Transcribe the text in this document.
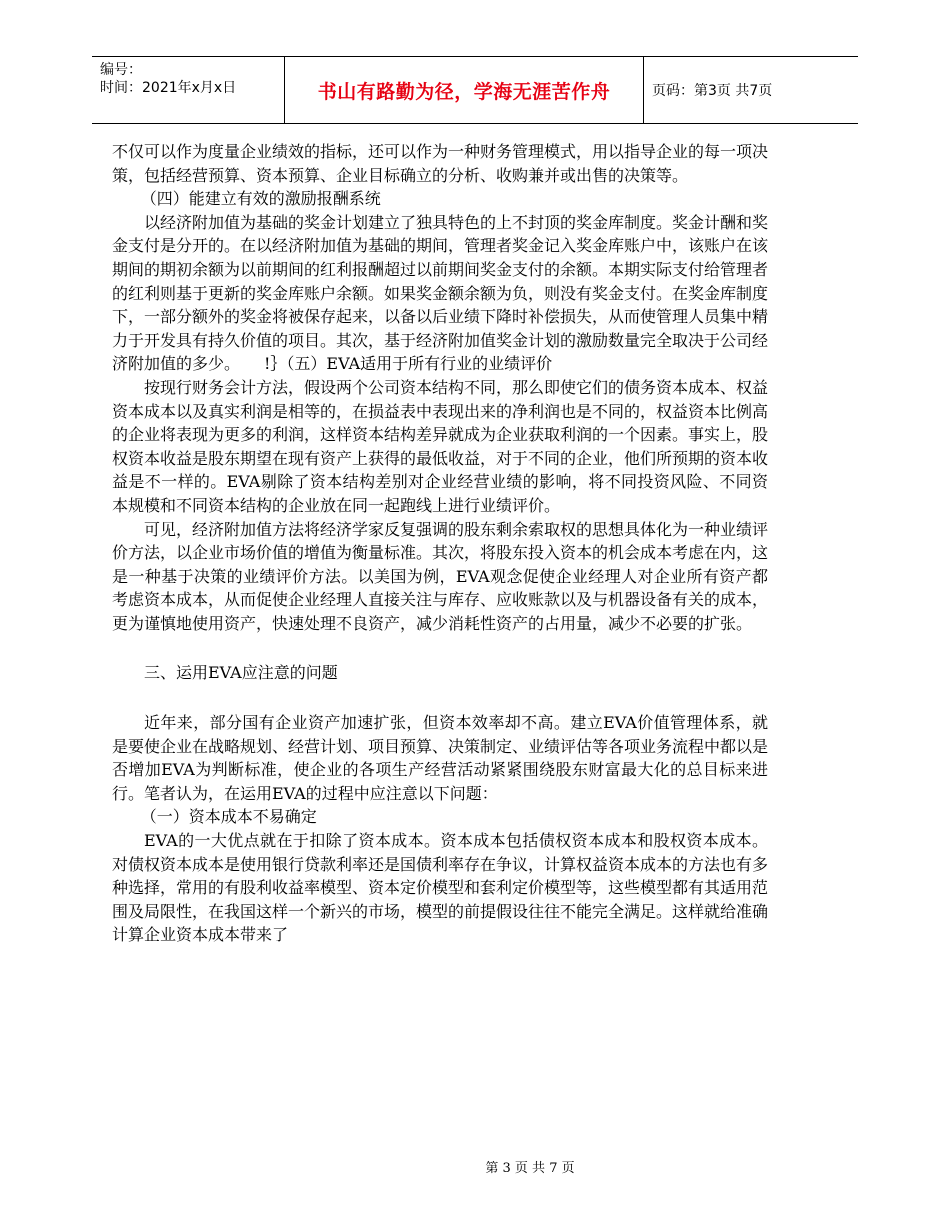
编号：
时间：2021年x月x日	书山有路勤为径，学海无涯苦作舟	页码：第3页 共7页

不仅可以作为度量企业绩效的指标，还可以作为一种财务管理模式，用以指导企业的每一项决策，包括经营预算、资本预算、企业目标确立的分析、收购兼并或出售的决策等。

（四）能建立有效的激励报酬系统

以经济附加值为基础的奖金计划建立了独具特色的上不封顶的奖金库制度。奖金计酬和奖金支付是分开的。在以经济附加值为基础的期间，管理者奖金记入奖金库账户中，该账户在该期间的期初余额为以前期间的红利报酬超过以前期间奖金支付的余额。本期实际支付给管理者的红利则基于更新的奖金库账户余额。如果奖金额余额为负，则没有奖金支付。在奖金库制度下，一部分额外的奖金将被保存起来，以备以后业绩下降时补偿损失，从而使管理人员集中精力于开发具有持久价值的项目。其次，基于经济附加值奖金计划的激励数量完全取决于公司经济附加值的多少。　　!｝（五）EVA适用于所有行业的业绩评价

按现行财务会计方法，假设两个公司资本结构不同，那么即使它们的债务资本成本、权益资本成本以及真实利润是相等的，在损益表中表现出来的净利润也是不同的，权益资本比例高的企业将表现为更多的利润，这样资本结构差异就成为企业获取利润的一个因素。事实上，股权资本收益是股东期望在现有资产上获得的最低收益，对于不同的企业，他们所预期的资本收益是不一样的。EVA剔除了资本结构差别对企业经营业绩的影响，将不同投资风险、不同资本规模和不同资本结构的企业放在同一起跑线上进行业绩评价。

可见，经济附加值方法将经济学家反复强调的股东剩余索取权的思想具体化为一种业绩评价方法，以企业市场价值的增值为衡量标准。其次，将股东投入资本的机会成本考虑在内，这是一种基于决策的业绩评价方法。以美国为例，EVA观念促使企业经理人对企业所有资产都考虑资本成本，从而促使企业经理人直接关注与库存、应收账款以及与机器设备有关的成本，更为谨慎地使用资产，快速处理不良资产，减少消耗性资产的占用量，减少不必要的扩张。

三、运用EVA应注意的问题

近年来，部分国有企业资产加速扩张，但资本效率却不高。建立EVA价值管理体系，就是要使企业在战略规划、经营计划、项目预算、决策制定、业绩评估等各项业务流程中都以是否增加EVA为判断标准，使企业的各项生产经营活动紧紧围绕股东财富最大化的总目标来进行。笔者认为，在运用EVA的过程中应注意以下问题：

（一）资本成本不易确定

EVA的一大优点就在于扣除了资本成本。资本成本包括债权资本成本和股权资本成本。对债权资本成本是使用银行贷款利率还是国债利率存在争议，计算权益资本成本的方法也有多种选择，常用的有股利收益率模型、资本定价模型和套利定价模型等，这些模型都有其适用范围及局限性，在我国这样一个新兴的市场，模型的前提假设往往不能完全满足。这样就给准确计算企业资本成本带来了

第 3 页 共 7 页
